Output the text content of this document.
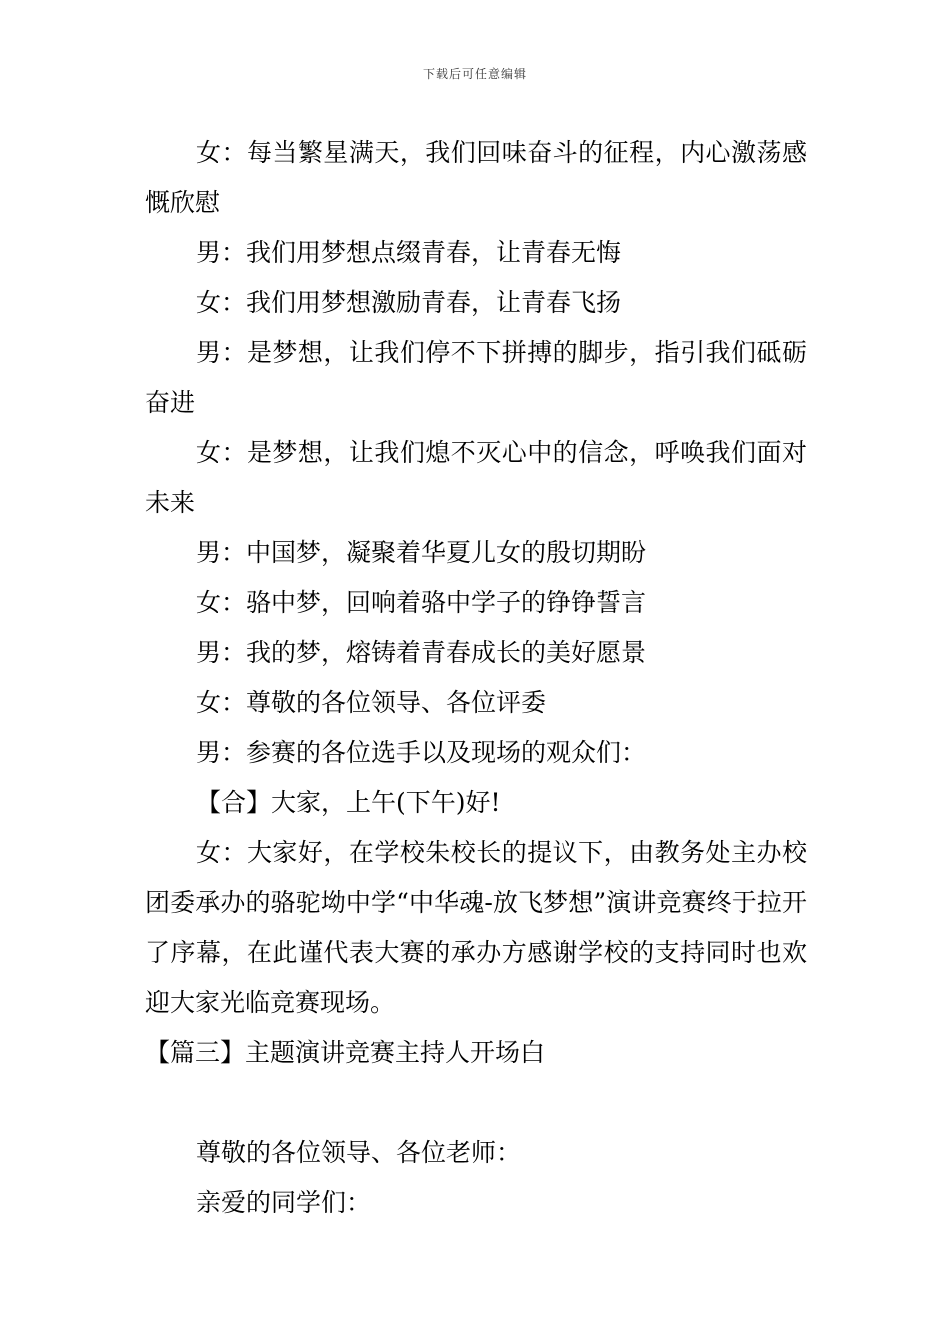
下载后可任意编辑

女：每当繁星满天，我们回味奋斗的征程，内心激荡感慨欣慰

男：我们用梦想点缀青春，让青春无悔

女：我们用梦想激励青春，让青春飞扬

男：是梦想，让我们停不下拼搏的脚步，指引我们砥砺奋进

女：是梦想，让我们熄不灭心中的信念，呼唤我们面对未来

男：中国梦，凝聚着华夏儿女的殷切期盼

女：骆中梦，回响着骆中学子的铮铮誓言

男：我的梦，熔铸着青春成长的美好愿景

女：尊敬的各位领导、各位评委

男：参赛的各位选手以及现场的观众们：

【合】大家，上午(下午)好!

女：大家好，在学校朱校长的提议下，由教务处主办校团委承办的骆驼坳中学“中华魂-放飞梦想”演讲竞赛终于拉开了序幕，在此谨代表大赛的承办方感谢学校的支持同时也欢迎大家光临竞赛现场。

【篇三】主题演讲竞赛主持人开场白

尊敬的各位领导、各位老师：

亲爱的同学们：
